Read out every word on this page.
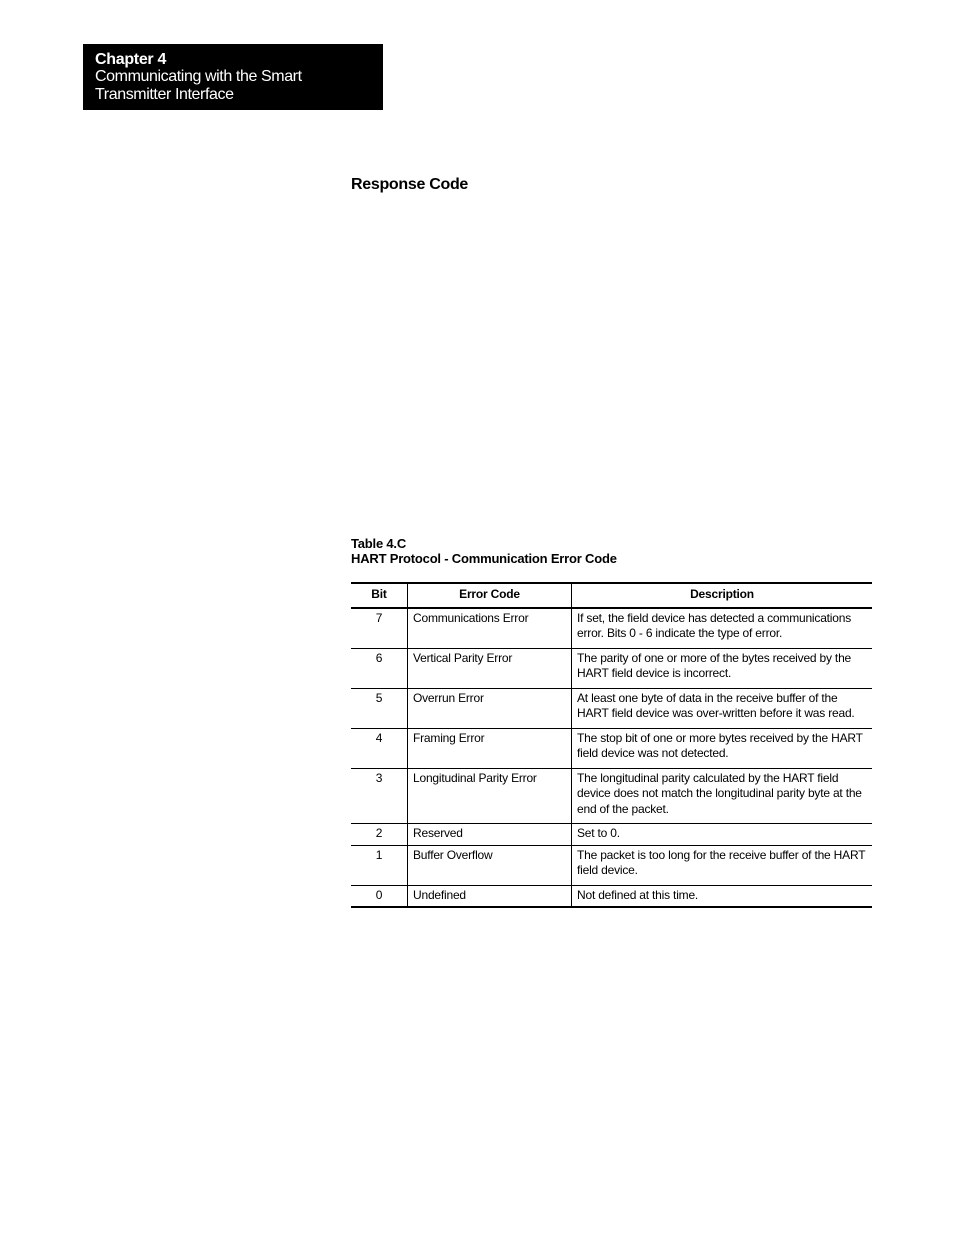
Chapter 4
Communicating with the Smart
Transmitter Interface
Response Code
Table 4.C
HART Protocol - Communication Error Code
Bit	Error Code	Description
7	Communications Error	If set, the field device has detected a communications error. Bits 0 - 6 indicate the type of error.
6	Vertical Parity Error	The parity of one or more of the bytes received by the HART field device is incorrect.
5	Overrun Error	At least one byte of data in the receive buffer of the HART field device was over-written before it was read.
4	Framing Error	The stop bit of one or more bytes received by the HART field device was not detected.
3	Longitudinal Parity Error	The longitudinal parity calculated by the HART field device does not match the longitudinal parity byte at the end of the packet.
2	Reserved	Set to 0.
1	Buffer Overflow	The packet is too long for the receive buffer of the HART field device.
0	Undefined	Not defined at this time.
